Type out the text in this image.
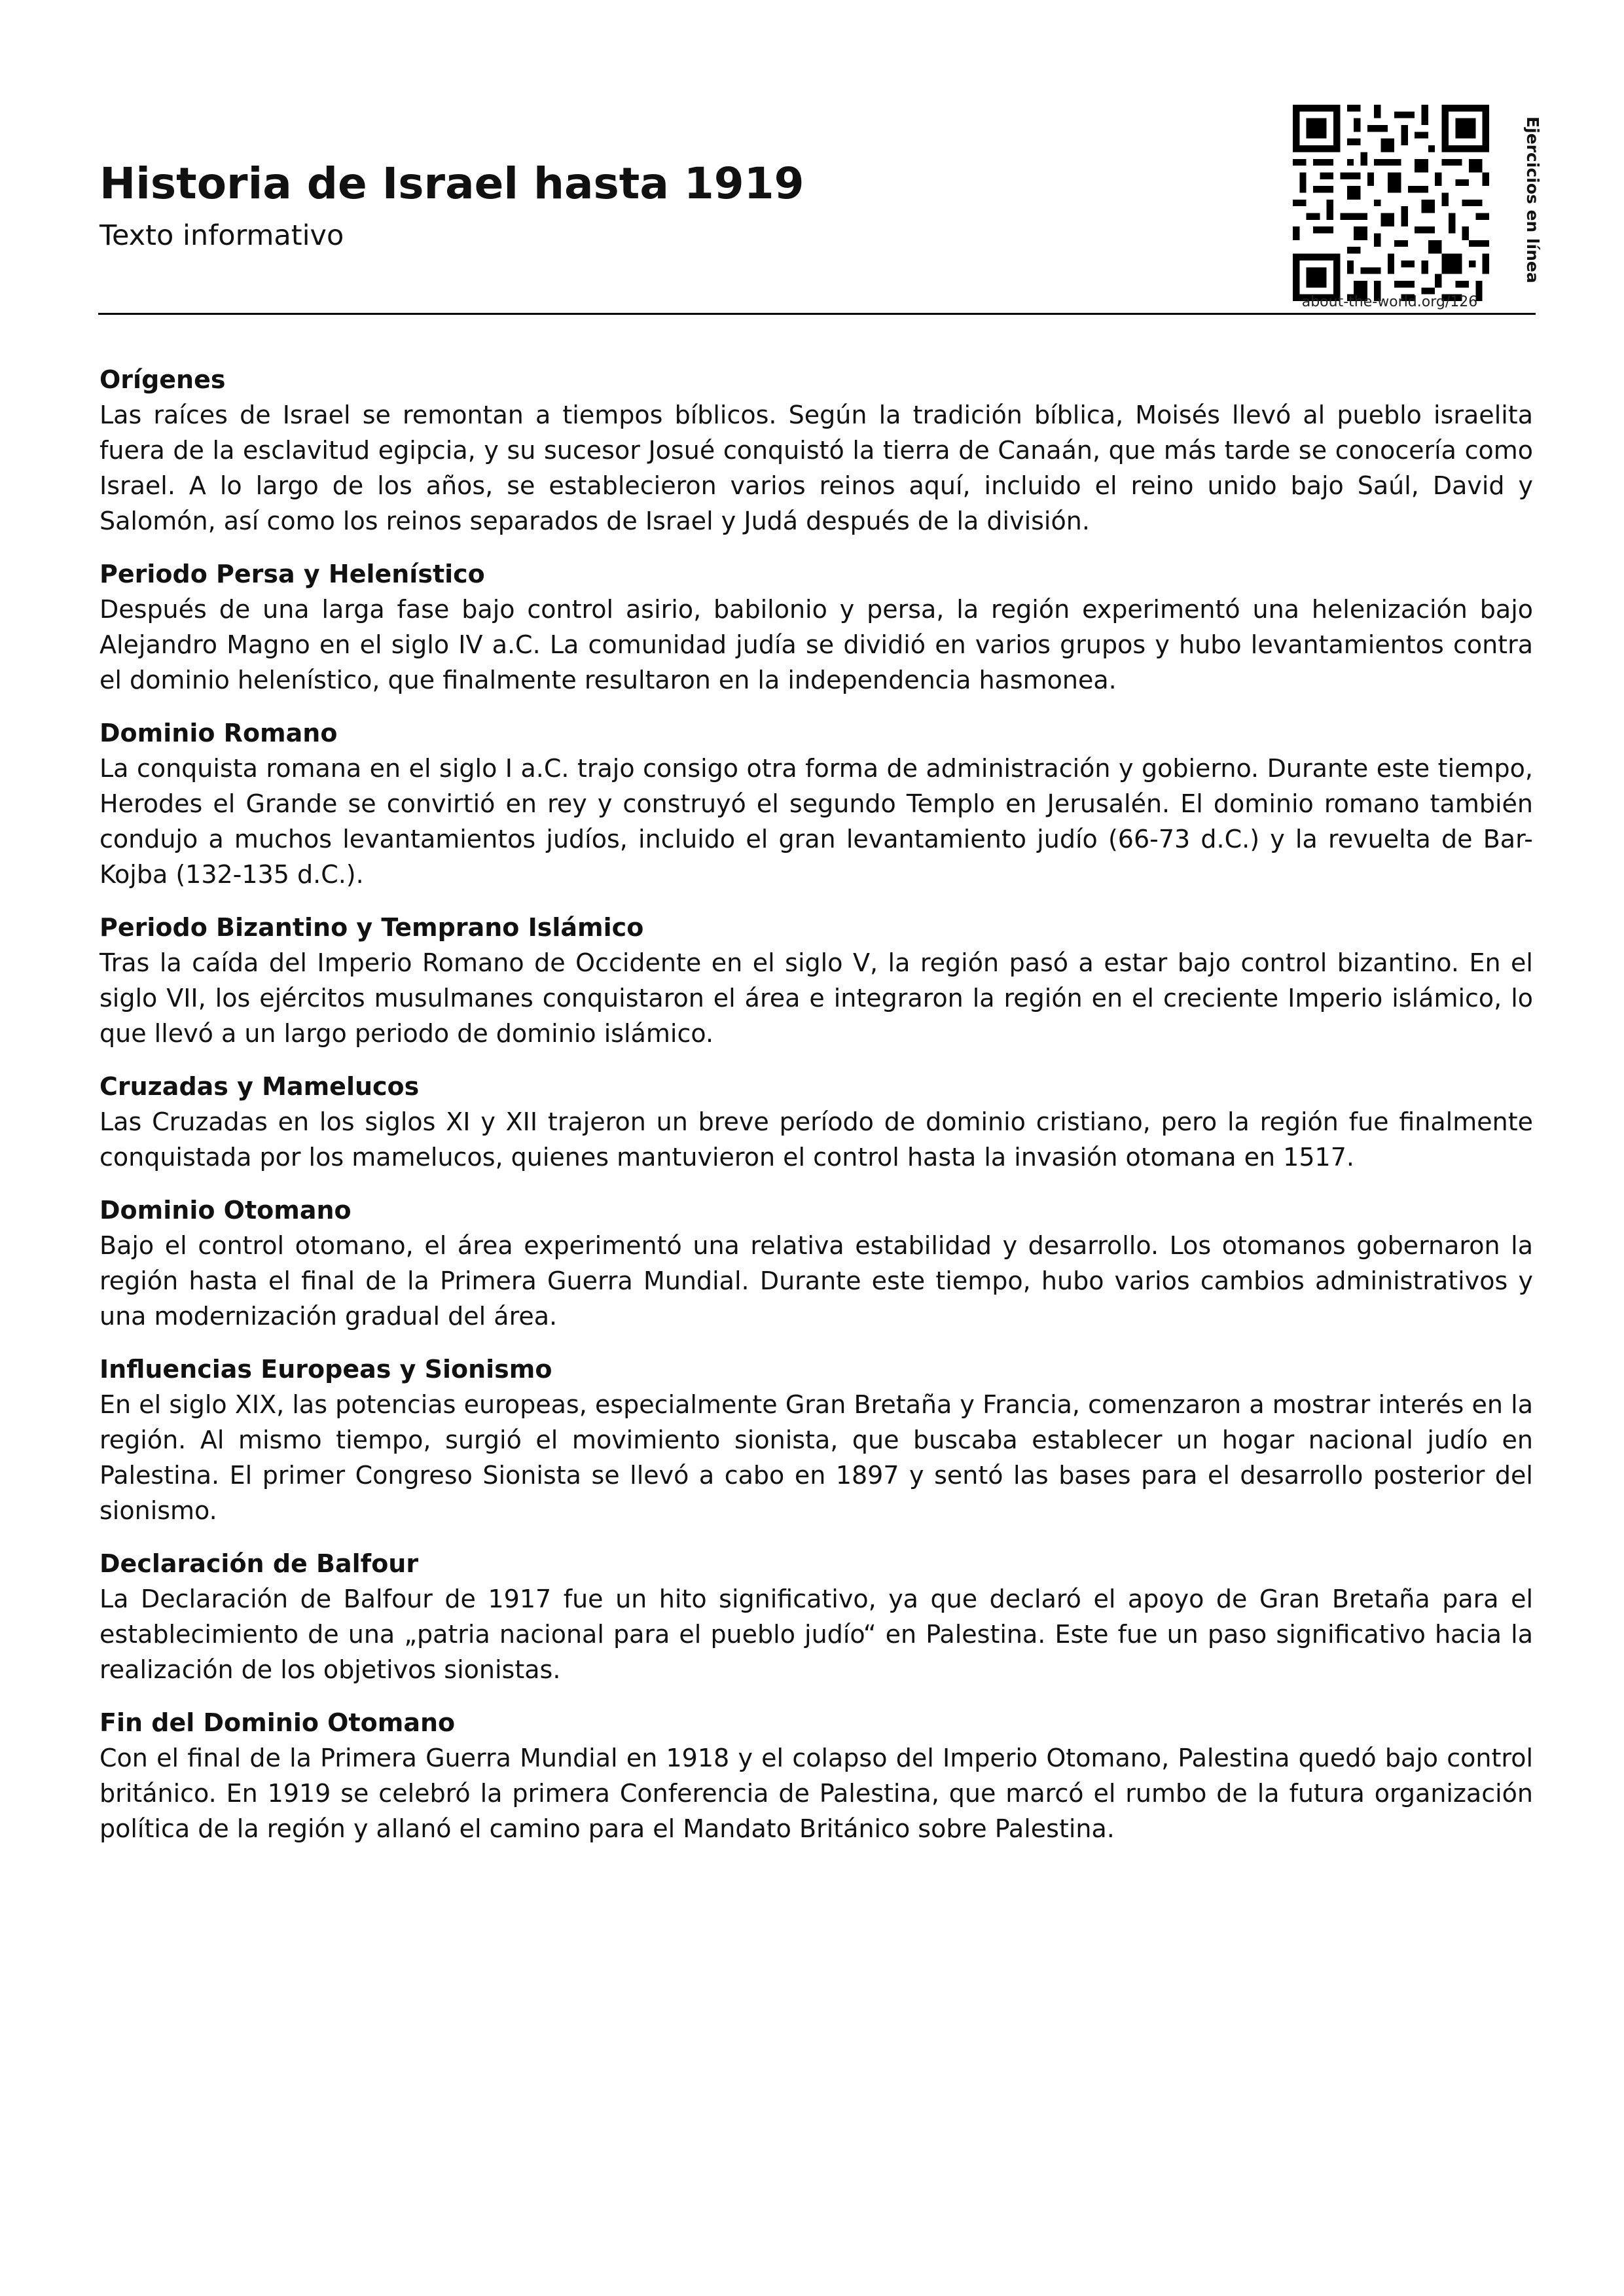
Historia de Israel hasta 1919

Texto informativo

about-the-world.org/126
Ejercicios en línea

Orígenes

Las raíces de Israel se remontan a tiempos bíblicos. Según la tradición bíblica, Moisés llevó al pueblo israelita fuera de la esclavitud egipcia, y su sucesor Josué conquistó la tierra de Canaán, que más tarde se conocería como Israel. A lo largo de los años, se establecieron varios reinos aquí, incluido el reino unido bajo Saúl, David y Salomón, así como los reinos separados de Israel y Judá después de la división.

Periodo Persa y Helenístico

Después de una larga fase bajo control asirio, babilonio y persa, la región experimentó una helenización bajo Alejandro Magno en el siglo IV a.C. La comunidad judía se dividió en varios grupos y hubo levantamientos contra el dominio helenístico, que finalmente resultaron en la independencia hasmonea.

Dominio Romano

La conquista romana en el siglo I a.C. trajo consigo otra forma de administración y gobierno. Durante este tiempo, Herodes el Grande se convirtió en rey y construyó el segundo Templo en Jerusalén. El dominio romano también condujo a muchos levantamientos judíos, incluido el gran levantamiento judío (66-73 d.C.) y la revuelta de Bar-Kojba (132-135 d.C.).

Periodo Bizantino y Temprano Islámico

Tras la caída del Imperio Romano de Occidente en el siglo V, la región pasó a estar bajo control bizantino. En el siglo VII, los ejércitos musulmanes conquistaron el área e integraron la región en el creciente Imperio islámico, lo que llevó a un largo periodo de dominio islámico.

Cruzadas y Mamelucos

Las Cruzadas en los siglos XI y XII trajeron un breve período de dominio cristiano, pero la región fue finalmente conquistada por los mamelucos, quienes mantuvieron el control hasta la invasión otomana en 1517.

Dominio Otomano

Bajo el control otomano, el área experimentó una relativa estabilidad y desarrollo. Los otomanos gobernaron la región hasta el final de la Primera Guerra Mundial. Durante este tiempo, hubo varios cambios administrativos y una modernización gradual del área.

Influencias Europeas y Sionismo

En el siglo XIX, las potencias europeas, especialmente Gran Bretaña y Francia, comenzaron a mostrar interés en la región. Al mismo tiempo, surgió el movimiento sionista, que buscaba establecer un hogar nacional judío en Palestina. El primer Congreso Sionista se llevó a cabo en 1897 y sentó las bases para el desarrollo posterior del sionismo.

Declaración de Balfour

La Declaración de Balfour de 1917 fue un hito significativo, ya que declaró el apoyo de Gran Bretaña para el establecimiento de una „patria nacional para el pueblo judío“ en Palestina. Este fue un paso significativo hacia la realización de los objetivos sionistas.

Fin del Dominio Otomano

Con el final de la Primera Guerra Mundial en 1918 y el colapso del Imperio Otomano, Palestina quedó bajo control británico. En 1919 se celebró la primera Conferencia de Palestina, que marcó el rumbo de la futura organización política de la región y allanó el camino para el Mandato Británico sobre Palestina.
